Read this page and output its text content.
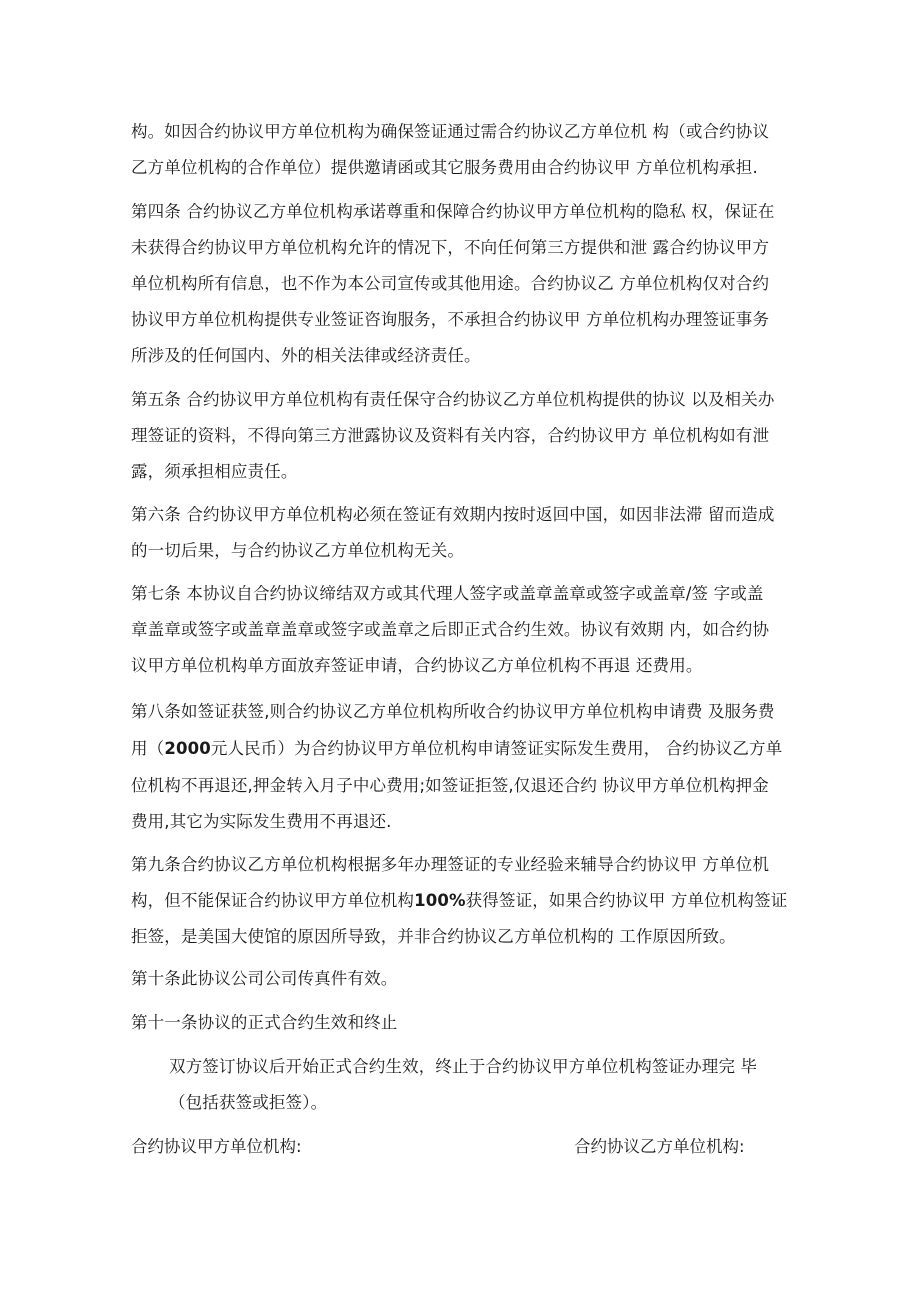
构。如因合约协议甲方单位机构为确保签证通过需合约协议乙方单位机 构（或合约协议
乙方单位机构的合作单位）提供邀请函或其它服务费用由合约协议甲 方单位机构承担.
第四条 合约协议乙方单位机构承诺尊重和保障合约协议甲方单位机构的隐私 权，保证在
未获得合约协议甲方单位机构允许的情况下，不向任何第三方提供和泄 露合约协议甲方
单位机构所有信息，也不作为本公司宣传或其他用途。合约协议乙 方单位机构仅对合约
协议甲方单位机构提供专业签证咨询服务，不承担合约协议甲 方单位机构办理签证事务
所涉及的任何国内、外的相关法律或经济责任。
第五条 合约协议甲方单位机构有责任保守合约协议乙方单位机构提供的协议 以及相关办
理签证的资料，不得向第三方泄露协议及资料有关内容，合约协议甲方 单位机构如有泄
露，须承担相应责任。
第六条 合约协议甲方单位机构必须在签证有效期内按时返回中国，如因非法滞 留而造成
的一切后果，与合约协议乙方单位机构无关。
第七条 本协议自合约协议缔结双方或其代理人签字或盖章盖章或签字或盖章/签 字或盖
章盖章或签字或盖章盖章或签字或盖章之后即正式合约生效。协议有效期 内，如合约协
议甲方单位机构单方面放弃签证申请，合约协议乙方单位机构不再退 还费用。
第八条如签证获签,则合约协议乙方单位机构所收合约协议甲方单位机构申请费 及服务费
用（2000元人民币）为合约协议甲方单位机构申请签证实际发生费用， 合约协议乙方单
位机构不再退还,押金转入月子中心费用;如签证拒签,仅退还合约 协议甲方单位机构押金
费用,其它为实际发生费用不再退还.
第九条合约协议乙方单位机构根据多年办理签证的专业经验来辅导合约协议甲 方单位机
构，但不能保证合约协议甲方单位机构100%获得签证，如果合约协议甲 方单位机构签证
拒签，是美国大使馆的原因所导致，并非合约协议乙方单位机构的 工作原因所致。
第十条此协议公司公司传真件有效。
第十一条协议的正式合约生效和终止
双方签订协议后开始正式合约生效，终止于合约协议甲方单位机构签证办理完 毕
（包括获签或拒签）。
合约协议甲方单位机构:	合约协议乙方单位机构:
